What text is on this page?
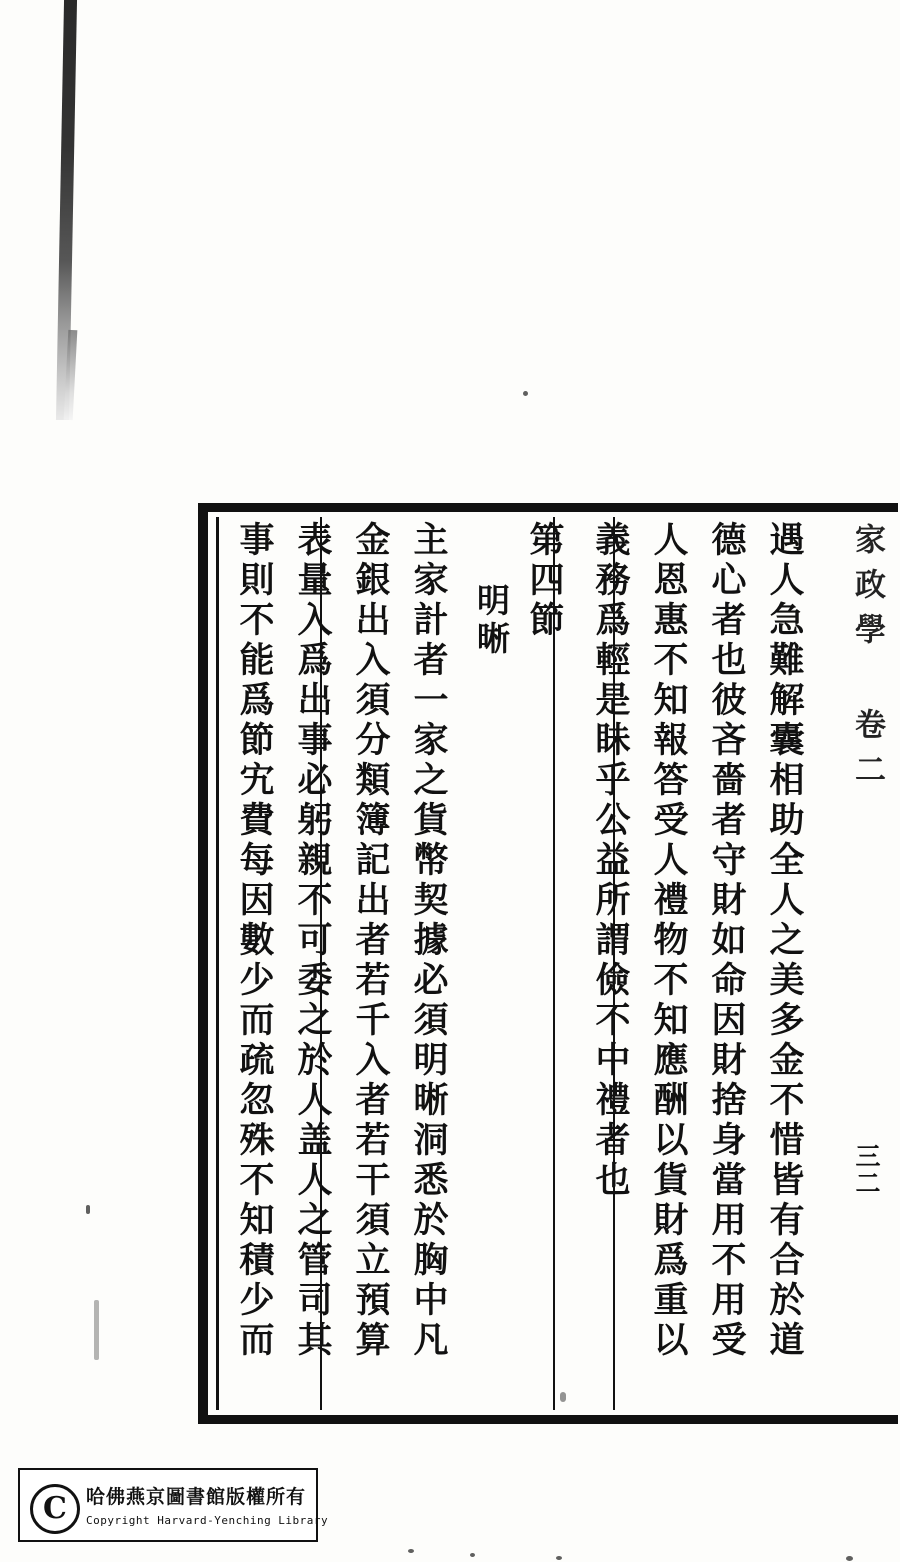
家政學 卷二
三二
遇人急難解囊相助全人之美多金不惜皆有合於道
德心者也彼吝嗇者守財如命因財捨身當用不用受
人恩惠不知報答受人禮物不知應酬以貨財爲重以
義務爲輕是眛乎公益所謂儉不中禮者也
第四節
明晰
主家計者一家之貨幣契據必須明晰洞悉於胸中凡
金銀出入須分類簿記出者若千入者若干須立預算
表量入爲出事必躬親不可委之於人盖人之管司其
事則不能爲節宄費每因數少而疏忽殊不知積少而
C	哈佛燕京圖書館版權所有
Copyright Harvard-Yenching Library
